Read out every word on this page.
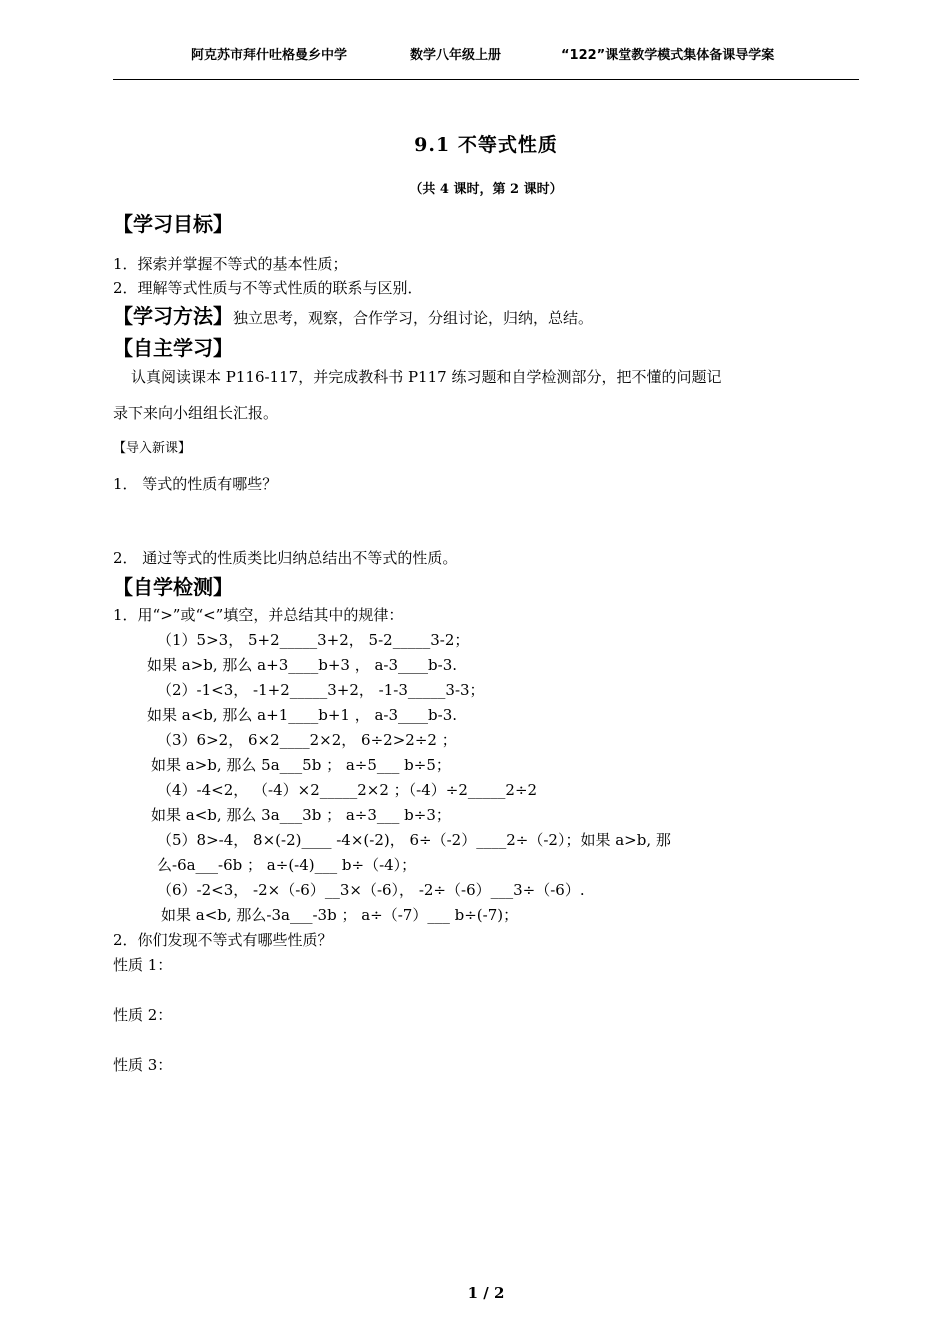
阿克苏市拜什吐格曼乡中学	数学八年级上册	“122”课堂教学模式集体备课导学案
9.1 不等式性质
（共 4 课时，第 2 课时）
【学习目标】
1．探索并掌握不等式的基本性质；
2．理解等式性质与不等式性质的联系与区别．
【学习方法】独立思考，观察，合作学习，分组讨论，归纳，总结。
【自主学习】
认真阅读课本 P116-117，并完成教科书 P117 练习题和自学检测部分，把不懂的问题记
录下来向小组组长汇报。
【导入新课】
1． 等式的性质有哪些？
2． 通过等式的性质类比归纳总结出不等式的性质。
【自学检测】
1．用“>”或“<”填空，并总结其中的规律：
（1）5>3， 5+2_____3+2， 5-2_____3-2；
如果 a>b, 那么 a+3____b+3 ， a-3____b-3.
（2）-1<3， -1+2_____3+2， -1-3_____3-3；
如果 a<b, 那么 a+1____b+1 ， a-3____b-3.
（3）6>2， 6×2____2×2， 6÷2>2÷2 ；
如果 a>b, 那么 5a___5b ； a÷5___ b÷5；
（4）-4<2， （-4）×2_____2×2 ；（-4）÷2_____2÷2
如果 a<b, 那么 3a___3b ； a÷3___ b÷3；
（5）8>-4， 8×(-2)____ -4×(-2)， 6÷（-2）____2÷（-2）；如果 a>b, 那
么-6a___-6b ； a÷(-4)___ b÷（-4）；
（6）-2<3， -2×（-6）__3×（-6）， -2÷（-6）___3÷（-6）.
如果 a<b, 那么-3a___-3b ； a÷（-7）___ b÷(-7)；
2．你们发现不等式有哪些性质？
性质 1：
性质 2：
性质 3：
1 / 2
